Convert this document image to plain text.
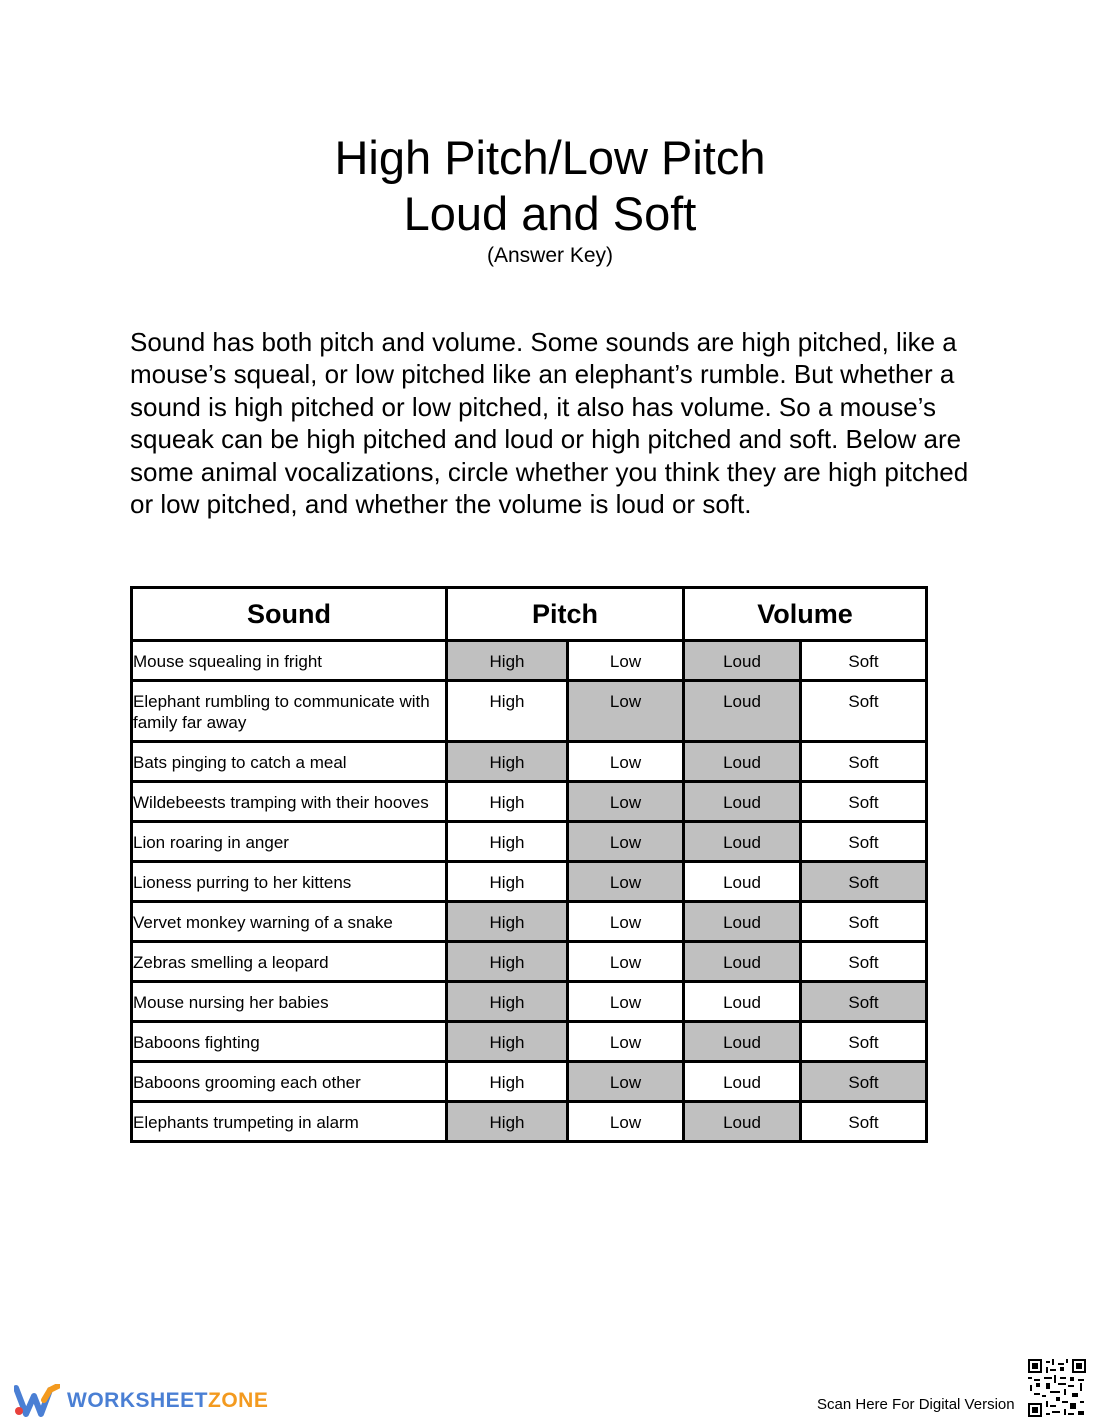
High Pitch/Low Pitch
Loud and Soft
(Answer Key)

Sound has both pitch and volume. Some sounds are high pitched, like a mouse’s squeal, or low pitched like an elephant’s rumble. But whether a sound is high pitched or low pitched, it also has volume. So a mouse’s squeak can be high pitched and loud or high pitched and soft. Below are some animal vocalizations, circle whether you think they are high pitched or low pitched, and whether the volume is loud or soft.

Sound	Pitch		Volume	
Mouse squealing in fright	High	Low	Loud	Soft
Elephant rumbling to communicate with family far away	High	Low	Loud	Soft
Bats pinging to catch a meal	High	Low	Loud	Soft
Wildebeests tramping with their hooves	High	Low	Loud	Soft
Lion roaring in anger	High	Low	Loud	Soft
Lioness purring to her kittens	High	Low	Loud	Soft
Vervet monkey warning of a snake	High	Low	Loud	Soft
Zebras smelling a leopard	High	Low	Loud	Soft
Mouse nursing her babies	High	Low	Loud	Soft
Baboons fighting	High	Low	Loud	Soft
Baboons grooming each other	High	Low	Loud	Soft
Elephants trumpeting in alarm	High	Low	Loud	Soft
WORKSHEETZONE	Scan Here For Digital Version
